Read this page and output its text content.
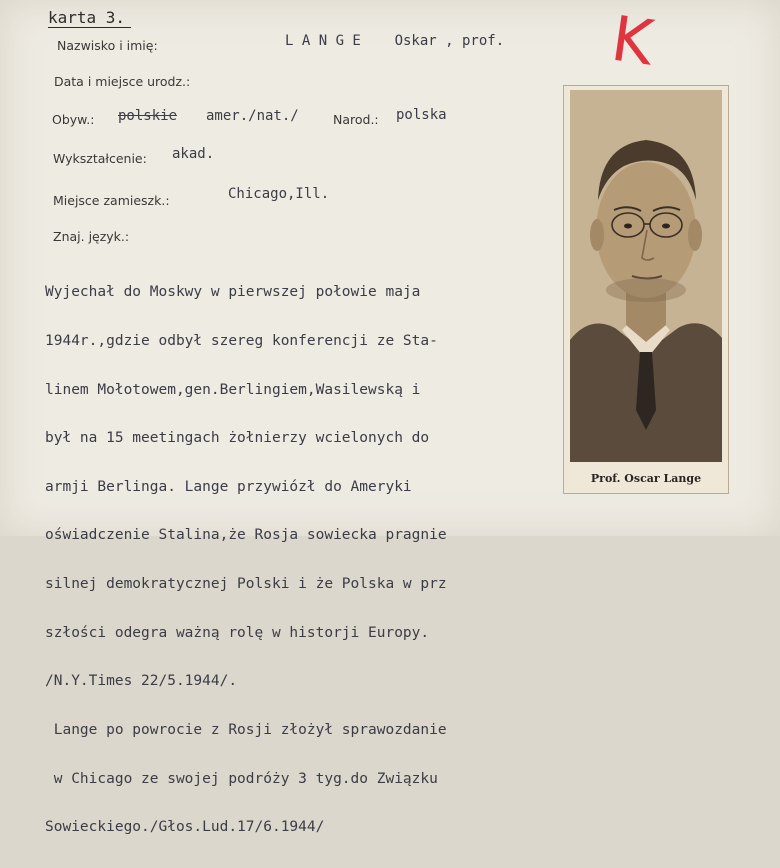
karta 3.	K
Nazwisko i imię:	L A N G E    Oskar , prof.
Data i miejsce urodz.:
Obyw.: polskie amer./nat./	Narod.: polska
Wykształcenie: akad.
Miejsce zamieszk.:	Chicago,Ill.
Znaj. język.:

Wyjechał do Moskwy w pierwszej połowie maja

1944r.,gdzie odbył szereg konferencji ze Sta-

linem Mołotowem,gen.Berlingiem,Wasilewską i

był na 15 meetingach żołnierzy wcielonych do

armji Berlinga. Lange przywiózł do Ameryki

oświadczenie Stalina,że Rosja sowiecka pragnie

silnej demokratycznej Polski i że Polska w prz

szłości odegra ważną rolę w historji Europy.

/N.Y.Times 22/5.1944/.

Lange po powrocie z Rosji złożył sprawozdanie

w Chicago ze swojej podróży 3 tyg.do Związku

Sowieckiego./Głos.Lud.17/6.1944/

Prof. Oscar Lange
